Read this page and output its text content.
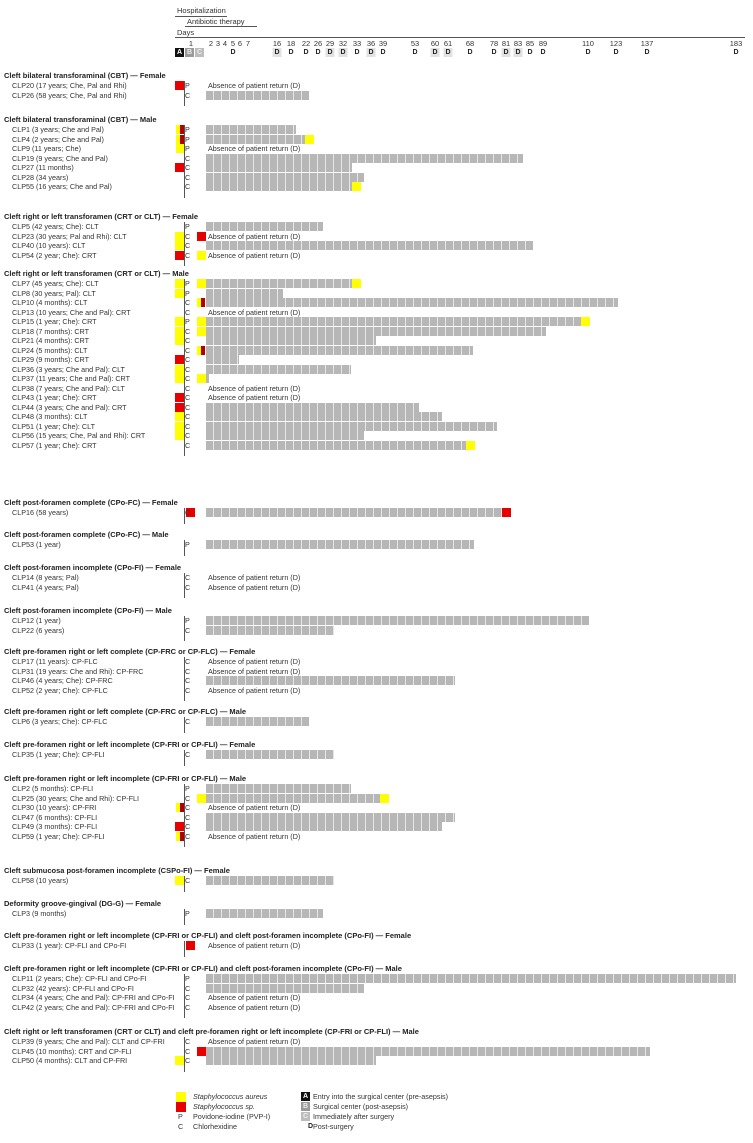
Hospitalization
Antibiotic therapy
Days
1 2 3 4 5
D
6 7	16
D
18
D
22
D
26
D
29
D
32
D
33
D
36
D
39
D
53
D
60
D
61
D
68
D
78
D
81
D
83
D
85
D
89
D
110
D
123
D
137
D
183
D
A B C
Cleft bilateral transforaminal (CBT) — Female
CLP20 (17 years; Che, Pal and Rhi)	P	Absence of patient return (D)
CLP26 (58 years; Che, Pal and Rhi)	C
Cleft bilateral transforaminal (CBT) — Male
CLP1 (3 years; Che and Pal)	P
CLP4 (2 years; Che and Pal)	P
CLP9 (11 years; Che)	P	Absence of patient return (D)
CLP19 (9 years; Che and Pal)	C
CLP27 (11 months)	C
CLP28 (34 years)	C
CLP55 (16 years; Che and Pal)	C
Cleft right or left transforamen (CRT or CLT) — Female
CLP5 (42 years; Che): CLT	P
CLP23 (30 years; Pal and Rhi): CLT	C Absence of patient return (D)
CLP40 (10 years): CLT	C
CLP54 (2 year; Che): CRT	C Absence of patient return (D)
Cleft right or left transforamen (CRT or CLT) — Male
CLP7 (45 years; Che): CLT	P
CLP8 (30 years; Pal): CLT	P
CLP10 (4 months): CLT	C
CLP13 (10 years; Che and Pal): CRT	C Absence of patient return (D)
CLP15 (1 year; Che): CRT	P
CLP18 (7 months): CRT	C
CLP21 (4 months): CRT	C
CLP24 (5 months): CLT	C
CLP29 (9 months): CRT	C
CLP36 (3 years; Che and Pal): CLT	C
CLP37 (11 years; Che and Pal): CRT	C
CLP38 (7 years; Che and Pal): CLT	C Absence of patient return (D)
CLP43 (1 year; Che): CRT	C Absence of patient return (D)
CLP44 (3 years; Che and Pal): CRT	C
CLP48 (3 months): CLT	C
CLP51 (1 year; Che): CLT	C
CLP56 (15 years; Che, Pal and Rhi): CRT	C
CLP57 (1 year; Che): CRT	C
Cleft post-foramen complete (CPo-FC) — Female
CLP16 (58 years)	C
Cleft post-foramen complete (CPo-FC) — Male
CLP53 (1 year)	P
Cleft post-foramen incomplete (CPo-FI) — Female
CLP14 (8 years; Pal)	C Absence of patient return (D)
CLP41 (4 years; Pal)	C Absence of patient return (D)
Cleft post-foramen incomplete (CPo-FI) — Male
CLP12 (1 year)	P
CLP22 (6 years)	C
Cleft pre-foramen right or left complete (CP-FRC or CP-FLC) — Female
CLP17 (11 years): CP-FLC	C Absence of patient return (D)
CLP31 (19 years: Che and Rhi): CP-FRC	C Absence of patient return (D)
CLP46 (4 years; Che): CP-FRC	C
CLP52 (2 year; Che): CP-FLC	C Absence of patient return (D)
Cleft pre-foramen right or left complete (CP-FRC or CP-FLC) — Male
CLP6 (3 years; Che): CP-FLC	C
Cleft pre-foramen right or left incomplete (CP-FRI or CP-FLI) — Female
CLP35 (1 year; Che): CP-FLI	C
Cleft pre-foramen right or left incomplete (CP-FRI or CP-FLI) — Male
CLP2 (5 months): CP-FLI	P
CLP25 (30 years; Che and Rhi): CP-FLI	C
CLP30 (10 years): CP-FRI	C Absence of patient return (D)
CLP47 (6 months): CP-FLI	C
CLP49 (3 months): CP-FLI	C
CLP59 (1 year; Che): CP-FLI	C Absence of patient return (D)
Cleft submucosa post-foramen incomplete (CSPo-FI) — Female
CLP58 (10 years)	C
Deformity groove-gingival (DG-G) — Female
CLP3 (9 months)	P
Cleft pre-foramen right or left incomplete (CP-FRI or CP-FLI) and cleft post-foramen incomplete (CPo-FI) — Female
CLP33 (1 year): CP-FLI and CPo-FI	Absence of patient return (D)
Cleft pre-foramen right or left incomplete (CP-FRI or CP-FLI) and cleft post-foramen incomplete (CPo-FI) — Male
CLP11 (2 years; Che): CP-FLI and CPo-FI	P
CLP32 (42 years): CP-FLI and CPo-FI	C
CLP34 (4 years; Che and Pal): CP-FRI and CPo-FI C Absence of patient return (D)
CLP42 (2 years; Che and Pal): CP-FRI and CPo-FI C Absence of patient return (D)
Cleft right or left transforamen (CRT or CLT) and cleft pre-foramen right or left incomplete (CP-FRI or CP-FLI) — Male
CLP39 (9 years; Che and Pal): CLT and CP-FRI	C Absence of patient return (D)
CLP45 (10 months): CRT and CP-FLI	C
CLP50 (4 months): CLT and CP-FRI	C
Staphylococcus aureus
Staphylococcus sp.
P Povidone-iodine (PVP-I)
C Chlorhexidine
A Entry into the surgical center (pre-asepsis)
B Surgical center (post-asepsis)
C Immediately after surgery
D Post-surgery
